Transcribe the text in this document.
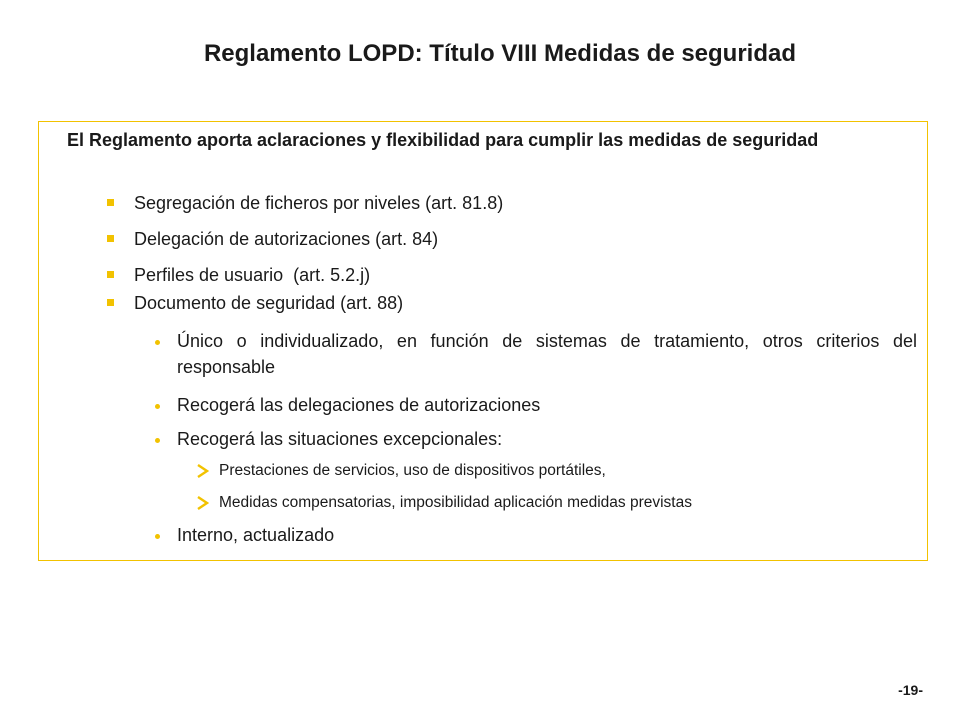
Reglamento LOPD: Título VIII Medidas de seguridad
El Reglamento aporta aclaraciones y flexibilidad para cumplir las medidas de seguridad
Segregación de ficheros por niveles (art. 81.8)
Delegación de autorizaciones (art. 84)
Perfiles de usuario  (art. 5.2.j)
Documento de seguridad (art. 88)
Único o individualizado, en función de sistemas de tratamiento, otros criterios del responsable
Recogerá las delegaciones de autorizaciones
Recogerá las situaciones excepcionales:
Prestaciones de servicios, uso de dispositivos portátiles,
Medidas compensatorias, imposibilidad aplicación medidas previstas
Interno, actualizado
-19-
